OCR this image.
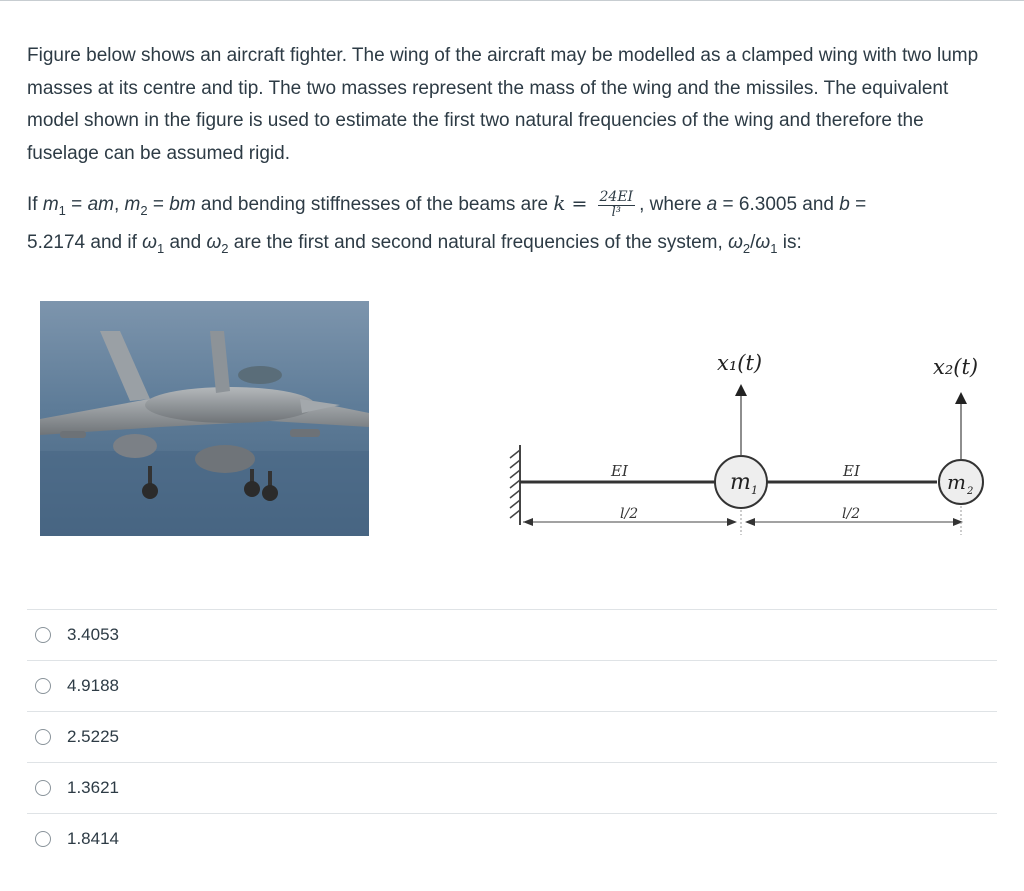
Figure below shows an aircraft fighter. The wing of the aircraft may be modelled as a clamped wing with two lump masses at its centre and tip. The two masses represent the mass of the wing and the missiles. The equivalent model shown in the figure is used to estimate the first two natural frequencies of the wing and therefore the fuselage can be assumed rigid.

If $m_1$ = am, $m_2$ = bm and bending stiffnesses of the beams are $k = \frac{24EI}{\text{l³}}$ , where a = 6.3005 and b =
5.2174 and if $\omega_1$ and $\omega_2$ are the first and second natural frequencies of the system, $\omega_2/\omega_1$ is:
m 1	m 2
x₁(t)	x₂(t)
EI	EI
l/2	l/2
3.4053
4.9188
2.5225
1.3621
1.8414
